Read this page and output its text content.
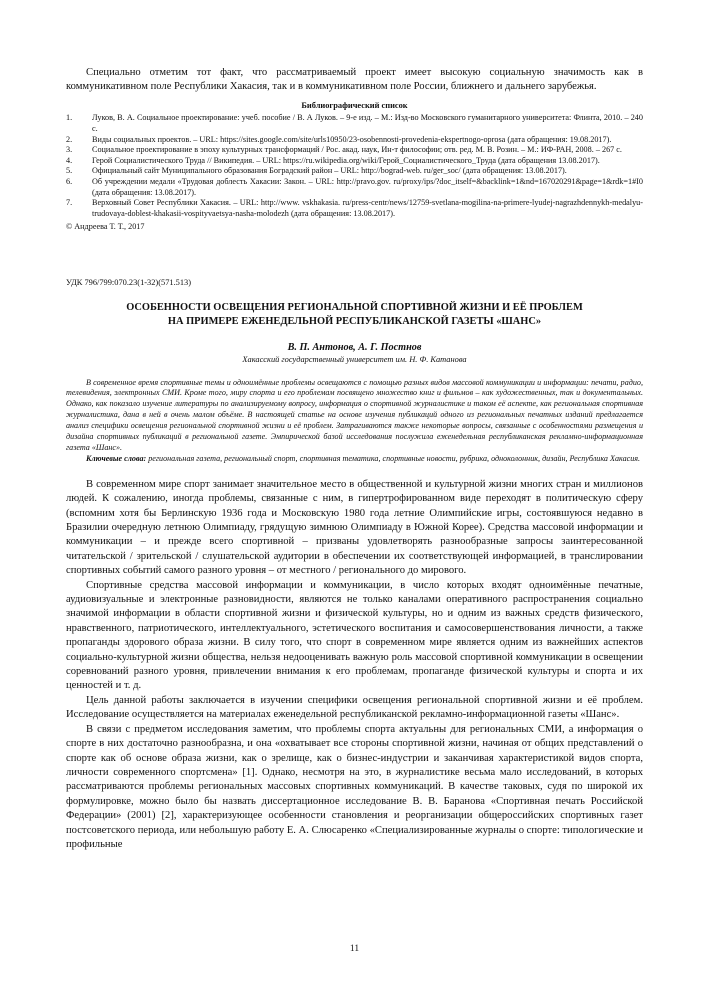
Специально отметим тот факт, что рассматриваемый проект имеет высокую социальную значимость как в коммуникативном поле Республики Хакасия, так и в коммуникативном поле России, ближнего и дальнего зарубежья.

Библиографический список
1. Луков, В. А. Социальное проектирование: учеб. пособие / В. А Луков. – 9-е изд. – М.: Изд-во Московского гуманитарного университета: Флинта, 2010. – 240 с.
2. Виды социальных проектов. – URL: https://sites.google.com/site/urls10950/23-osobennosti-provedenia-ekspertnogo-oprosa (дата обращения: 19.08.2017).
3. Социальное проектирование в эпоху культурных трансформаций / Рос. акад. наук, Ин-т философии; отв. ред. М. В. Розин. – М.: ИФ-РАН, 2008. – 267 с.
4. Герой Социалистического Труда // Википедия. – URL: https://ru.wikipedia.org/wiki/Герой_Социалистического_Труда (дата обращения 13.08.2017).
5. Официальный сайт Муниципального образования Боградский район – URL: http://bograd-web. ru/ger_soc/ (дата обращения: 13.08.2017).
6. Об учреждении медали «Трудовая доблесть Хакасии: Закон. – URL: http://pravo.gov. ru/proxy/ips/?doc_itself=&backlink=1&nd=167020291&page=1&rdk=1#I0 (дата обращения: 13.08.2017).
7. Верховный Совет Республики Хакасия. – URL: http://www. vskhakasia. ru/press-centr/news/12759-svetlana-mogilina-na-primere-lyudej-nagrazhdennykh-medalyu-trudovaya-doblest-khakasii-vospityvaetsya-nasha-molodezh (дата обращения: 13.08.2017).
© Андреева Т. Т., 2017
УДК 796/799:070.23(1-32)(571.513)
ОСОБЕННОСТИ ОСВЕЩЕНИЯ РЕГИОНАЛЬНОЙ СПОРТИВНОЙ ЖИЗНИ И ЕЁ ПРОБЛЕМ
НА ПРИМЕРЕ ЕЖЕНЕДЕЛЬНОЙ РЕСПУБЛИКАНСКОЙ ГАЗЕТЫ «ШАНС»
В. П. Антонов, А. Г. Постнов
Хакасский государственный университет им. Н. Ф. Катанова

В современное время спортивные темы и одноимённые проблемы освещаются с помощью разных видов массовой коммуникации и информации: печати, радио, телевидения, электронных СМИ. Кроме того, миру спорта и его проблемам посвящено множество книг и фильмов – как художественных, так и документальных. Однако, как показало изучение литературы по анализируемому вопросу, информация о спортивной журналистике и таком её аспекте, как региональная спортивная журналистика, дана в ней в очень малом объёме. В настоящей статье на основе изучения публикаций одного из региональных печатных изданий предлагается анализ специфики освещения региональной спортивной жизни и её проблем. Затрагиваются также некоторые вопросы, связанные с особенностями размещения и дизайна спортивных публикаций в региональной газете. Эмпирической базой исследования послужила еженедельная республиканская рекламно-информационная газета «Шанс».

Ключевые слова: региональная газета, региональный спорт, спортивная тематика, спортивные новости, рубрика, одноколонник, дизайн, Республика Хакасия.

В современном мире спорт занимает значительное место в общественной и культурной жизни многих стран и миллионов людей. К сожалению, иногда проблемы, связанные с ним, в гипертрофированном виде переходят в политическую сферу (вспомним хотя бы Берлинскую 1936 года и Московскую 1980 года летние Олимпийские игры, состоявшуюся недавно в Бразилии очередную летнюю Олимпиаду, грядущую зимнюю Олимпиаду в Южной Корее). Средства массовой информации и коммуникации – и прежде всего спортивной – призваны удовлетворять разнообразные запросы заинтересованной читательской / зрительской / слушательской аудитории в обеспечении их соответствующей информацией, в транслировании спортивных событий самого разного уровня – от местного / регионального до мирового.

Спортивные средства массовой информации и коммуникации, в число которых входят одноимённые печатные, аудиовизуальные и электронные разновидности, являются не только каналами оперативного распространения социально значимой информации в области спортивной жизни и физической культуры, но и одним из важных средств физического, нравственного, патриотического, интеллектуального, эстетического воспитания и самосовершенствования личности, а также пропаганды здорового образа жизни. В силу того, что спорт в современном мире является одним из важнейших аспектов социально-культурной жизни общества, нельзя недооценивать важную роль массовой спортивной коммуникации в освещении соревнований разного уровня, привлечении внимания к его проблемам, пропаганде физической культуры и спорта и их ценностей и т. д.

Цель данной работы заключается в изучении специфики освещения региональной спортивной жизни и её проблем. Исследование осуществляется на материалах еженедельной республиканской рекламно-информационной газеты «Шанс».

В связи с предметом исследования заметим, что проблемы спорта актуальны для региональных СМИ, а информация о спорте в них достаточно разнообразна, и она «охватывает все стороны спортивной жизни, начиная от общих представлений о спорте как об основе образа жизни, как о зрелище, как о бизнес-индустрии и заканчивая характеристикой видов спорта, личности современного спортсмена» [1]. Однако, несмотря на это, в журналистике весьма мало исследований, в которых рассматриваются проблемы региональных массовых спортивных коммуникаций. В качестве таковых, судя по широкой их формулировке, можно было бы назвать диссертационное исследование В. В. Баранова «Спортивная печать Российской Федерации» (2001) [2], характеризующее особенности становления и реорганизации общероссийских спортивных газет постсоветского периода, или небольшую работу Е. А. Слюсаренко «Специализированные журналы о спорте: типологические и профильные

11
